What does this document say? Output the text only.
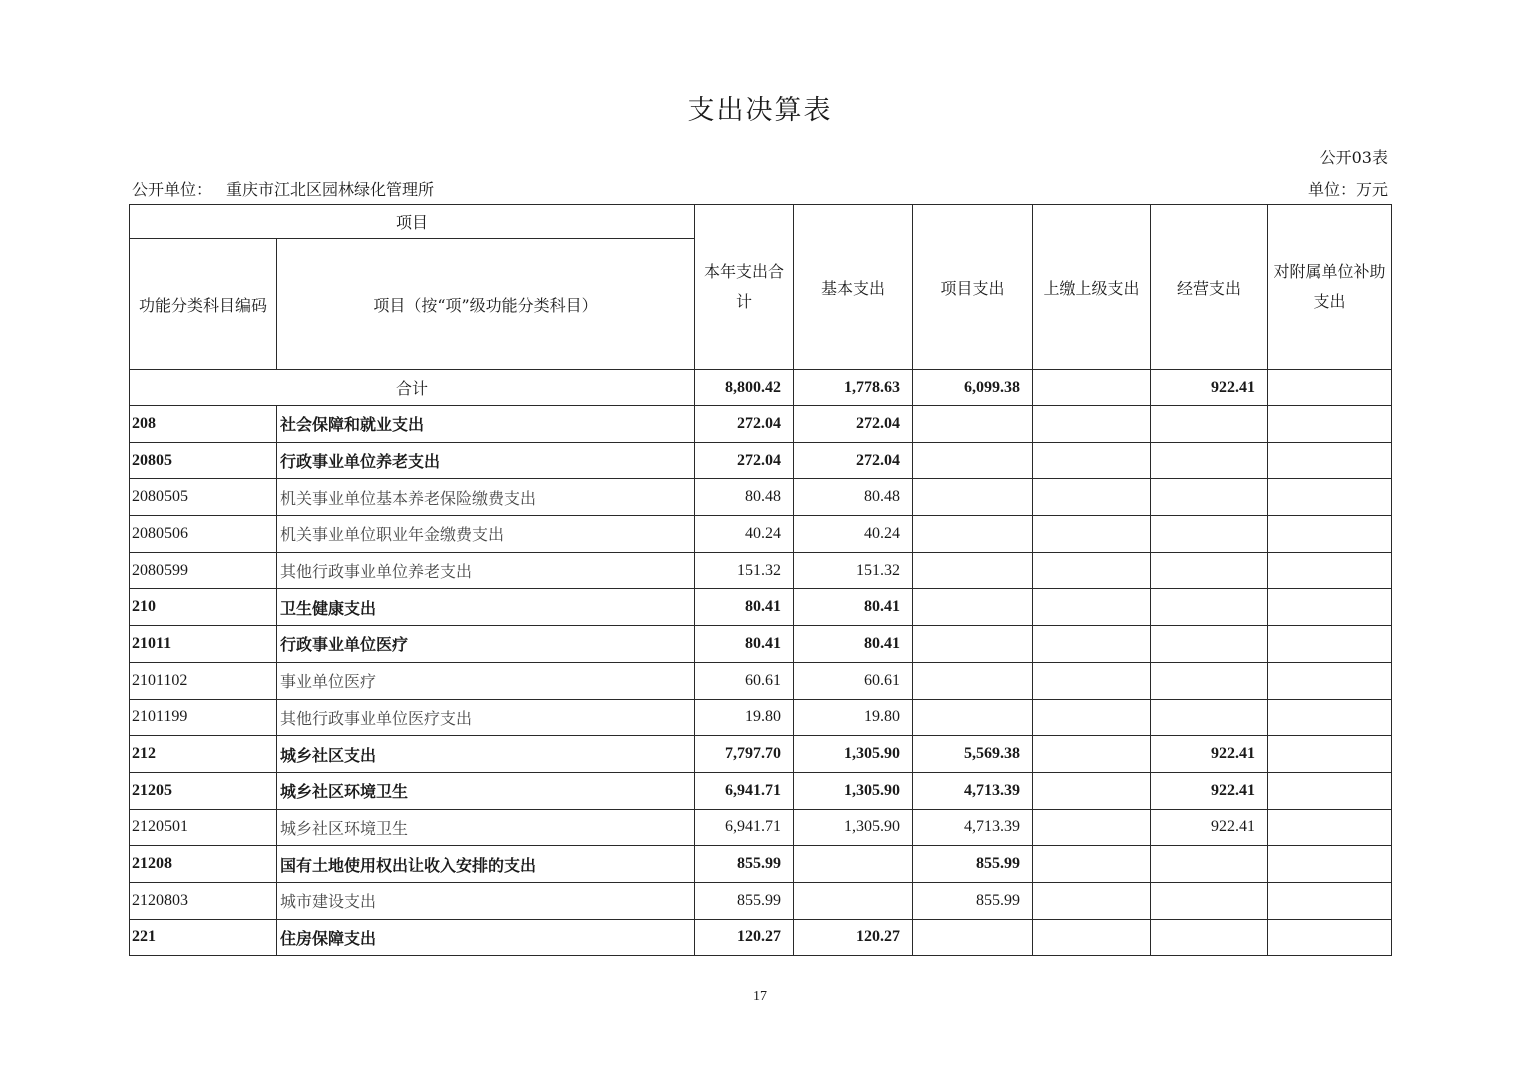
支出决算表
公开03表
公开单位： 重庆市江北区园林绿化管理所	单位：万元
项目		本年支出合计	基本支出	项目支出	上缴上级支出	经营支出	对附属单位补助支出
功能分类科目编码	项目（按“项”级功能分类科目）						
合计		8,800.42	1,778.63	6,099.38		922.41	
208	社会保障和就业支出	272.04	272.04				
20805	行政事业单位养老支出	272.04	272.04				
2080505	机关事业单位基本养老保险缴费支出	80.48	80.48				
2080506	机关事业单位职业年金缴费支出	40.24	40.24				
2080599	其他行政事业单位养老支出	151.32	151.32				
210	卫生健康支出	80.41	80.41				
21011	行政事业单位医疗	80.41	80.41				
2101102	事业单位医疗	60.61	60.61				
2101199	其他行政事业单位医疗支出	19.80	19.80				
212	城乡社区支出	7,797.70	1,305.90	5,569.38		922.41	
21205	城乡社区环境卫生	6,941.71	1,305.90	4,713.39		922.41	
2120501	城乡社区环境卫生	6,941.71	1,305.90	4,713.39		922.41	
21208	国有土地使用权出让收入安排的支出	855.99		855.99			
2120803	城市建设支出	855.99		855.99			
221	住房保障支出	120.27	120.27				
17
